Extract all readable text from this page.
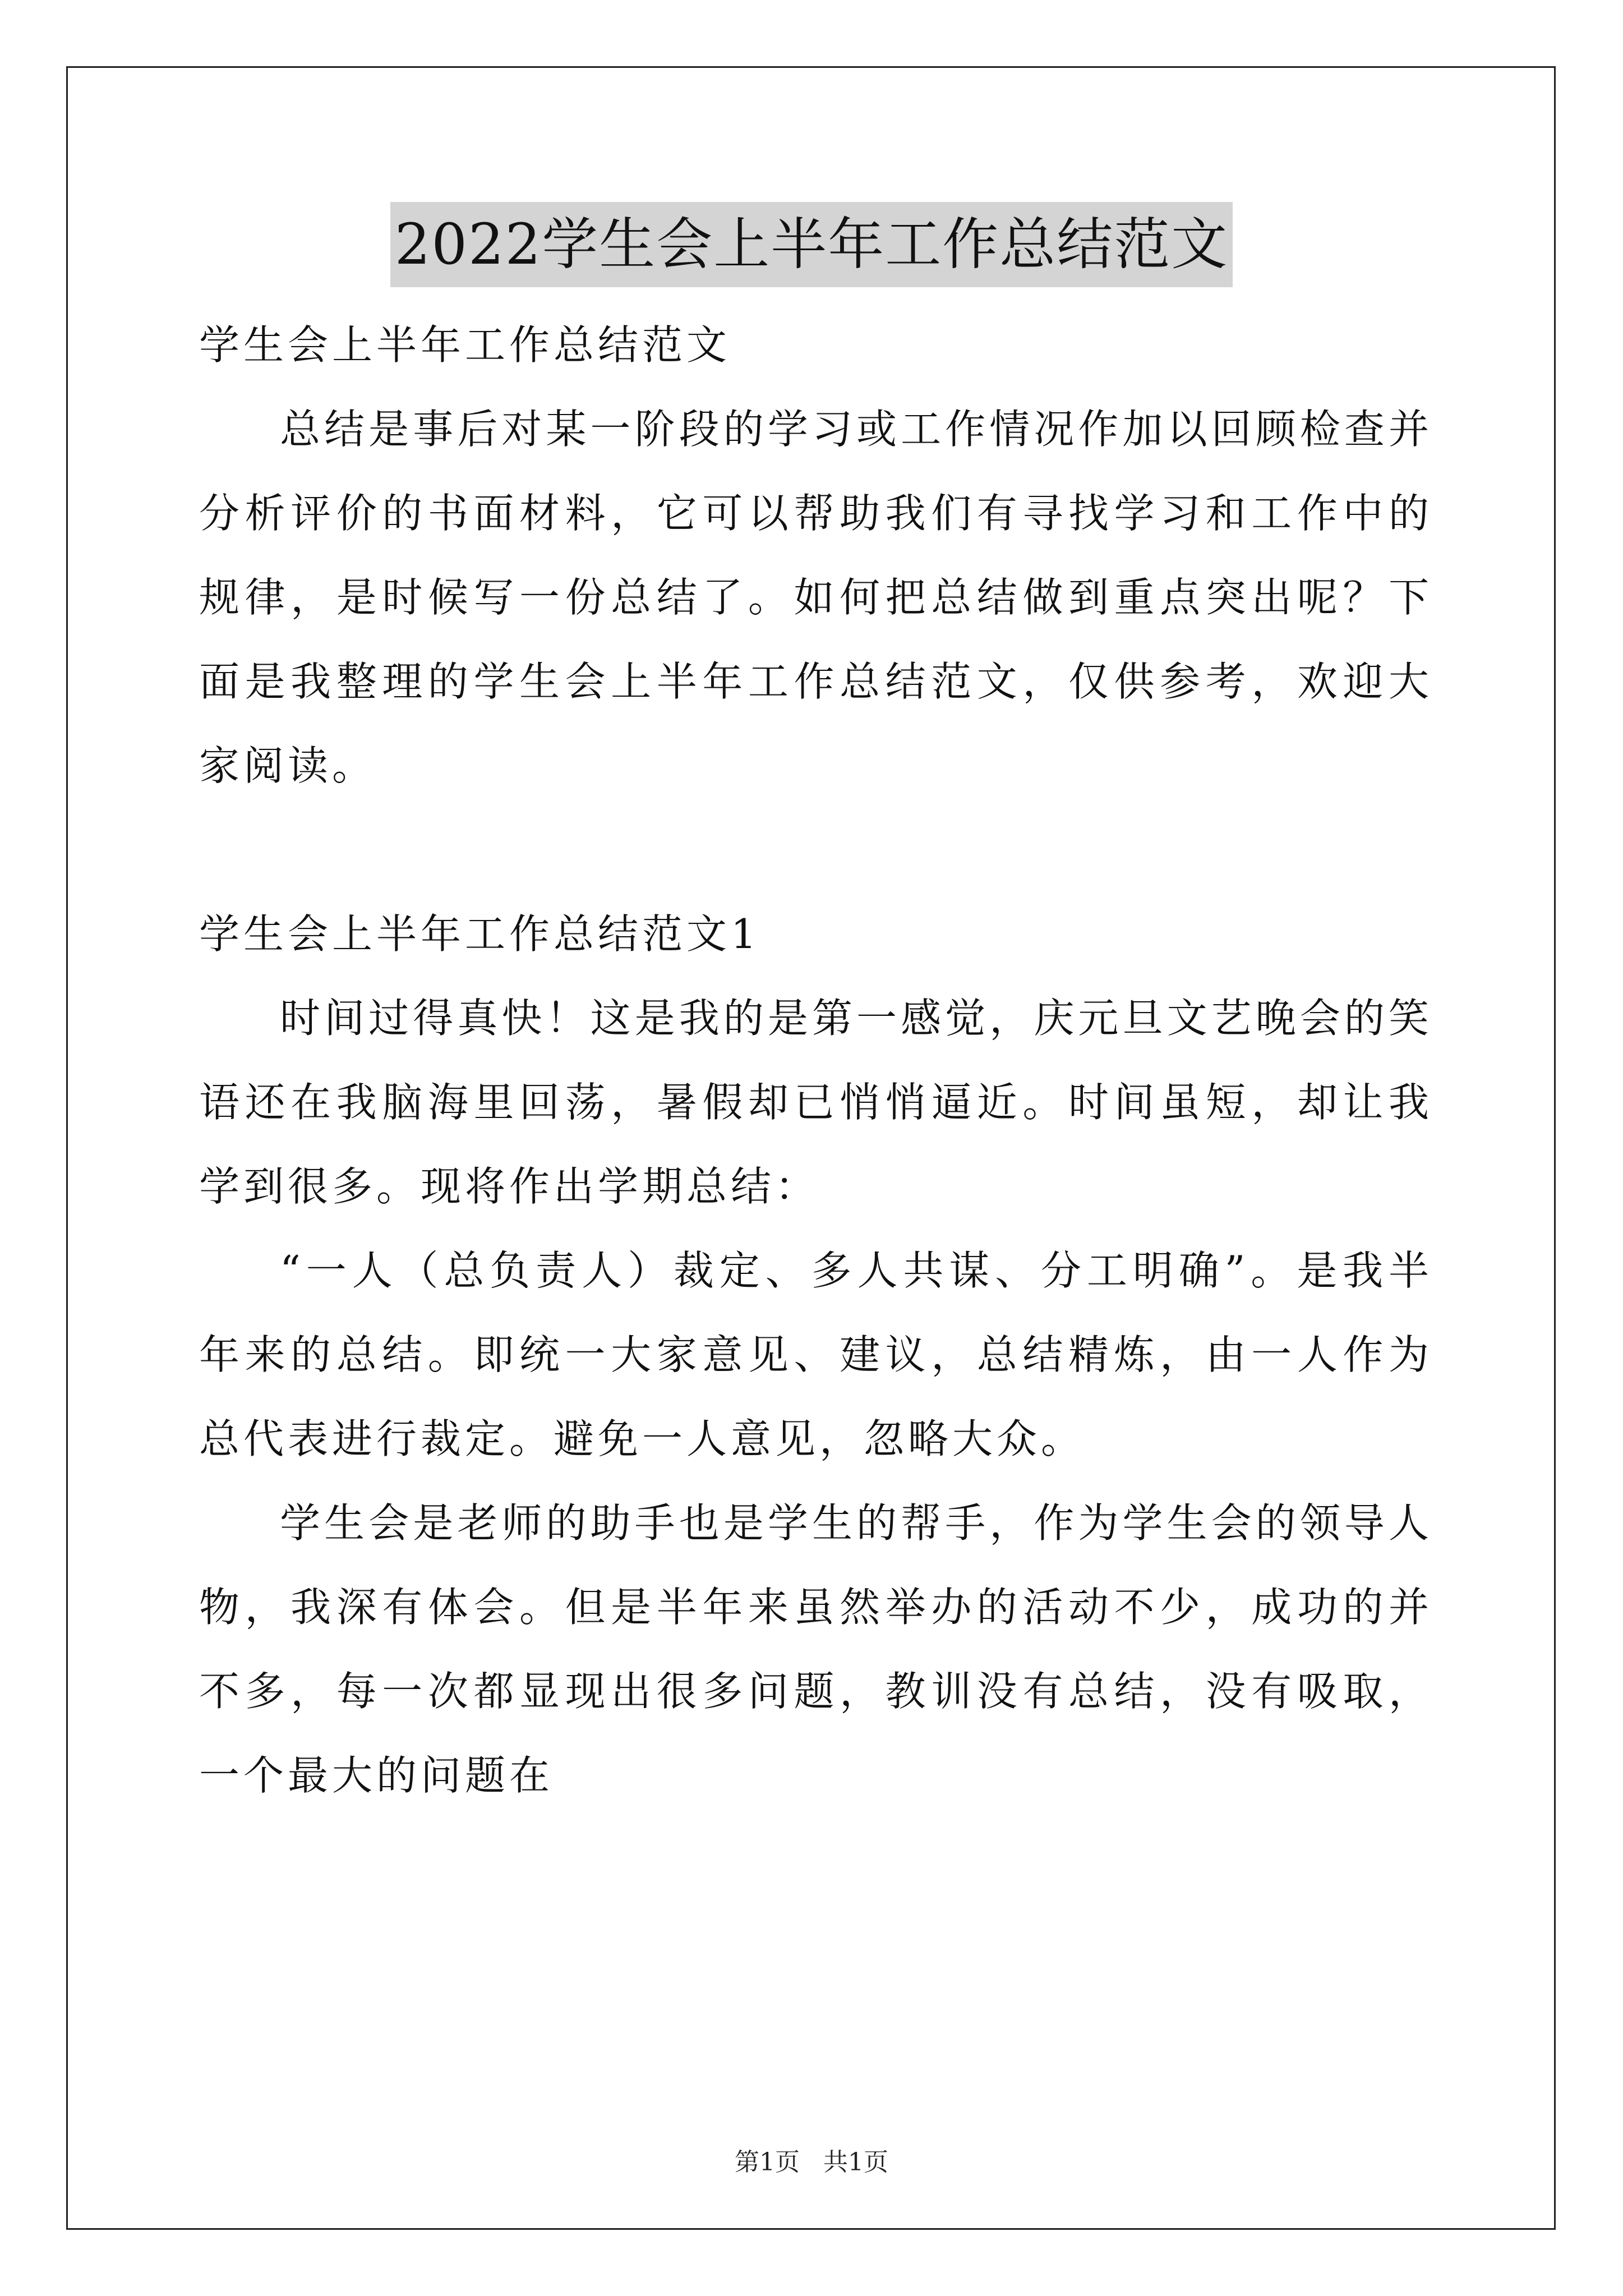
2022学生会上半年工作总结范文

学生会上半年工作总结范文

总结是事后对某一阶段的学习或工作情况作加以回顾检查并分析评价的书面材料，它可以帮助我们有寻找学习和工作中的规律，是时候写一份总结了。如何把总结做到重点突出呢？下面是我整理的学生会上半年工作总结范文，仅供参考，欢迎大家阅读。

学生会上半年工作总结范文1

时间过得真快！这是我的是第一感觉，庆元旦文艺晚会的笑语还在我脑海里回荡，暑假却已悄悄逼近。时间虽短，却让我学到很多。现将作出学期总结：

“一人（总负责人）裁定、多人共谋、分工明确”。是我半年来的总结。即统一大家意见、建议，总结精炼，由一人作为总代表进行裁定。避免一人意见，忽略大众。

学生会是老师的助手也是学生的帮手，作为学生会的领导人物，我深有体会。但是半年来虽然举办的活动不少，成功的并不多，每一次都显现出很多问题，教训没有总结，没有吸取，一个最大的问题在

第1页 共1页
